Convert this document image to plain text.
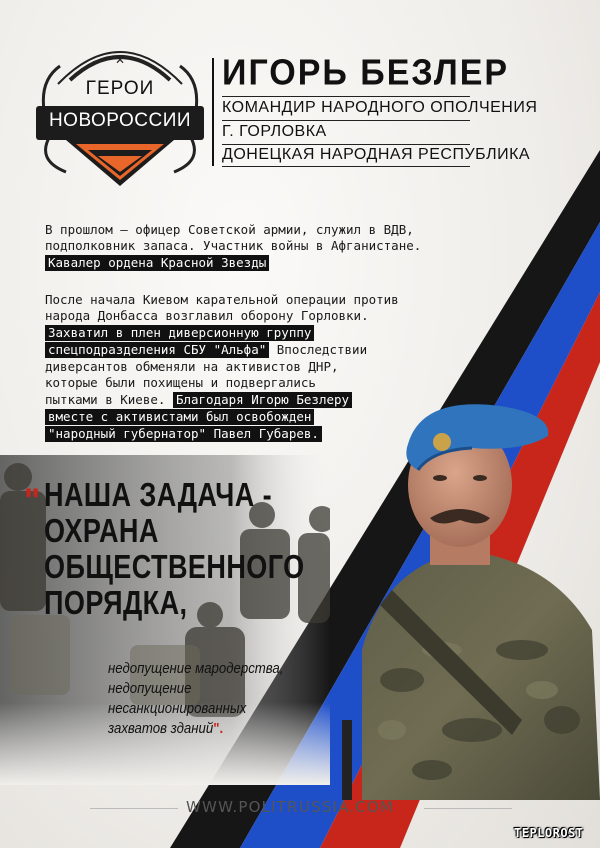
✕
ГЕРОИ
НОВОРОССИИ
ИГОРЬ БЕЗЛЕР
КОМАНДИР НАРОДНОГО ОПОЛЧЕНИЯ
Г. ГОРЛОВКА
ДОНЕЦКАЯ НАРОДНАЯ РЕСПУБЛИКА
В прошлом – офицер Советской армии, служил в ВДВ,
подполковник запаса. Участник войны в Афганистане.
Кавалер ордена Красной Звезды
После начала Киевом карательной операции против
народа Донбасса возглавил оборону Горловки.
Захватил в плен диверсионную группу
спецподразделения СБУ "Альфа" Впоследствии
диверсантов обменяли на активистов ДНР,
которые были похищены и подвергались
пытками в Киеве. Благодаря Игорю Безлеру
вместе с активистами был освобожден
"народный губернатор" Павел Губарев.
" НАША ЗАДАЧА -
ОХРАНА
ОБЩЕСТВЕННОГО
ПОРЯДКА,
недопущение мародерства,
недопущение
несанкционированных
захватов зданий".
WWW.POLITRUSSIA.COM
TEPLOROST
